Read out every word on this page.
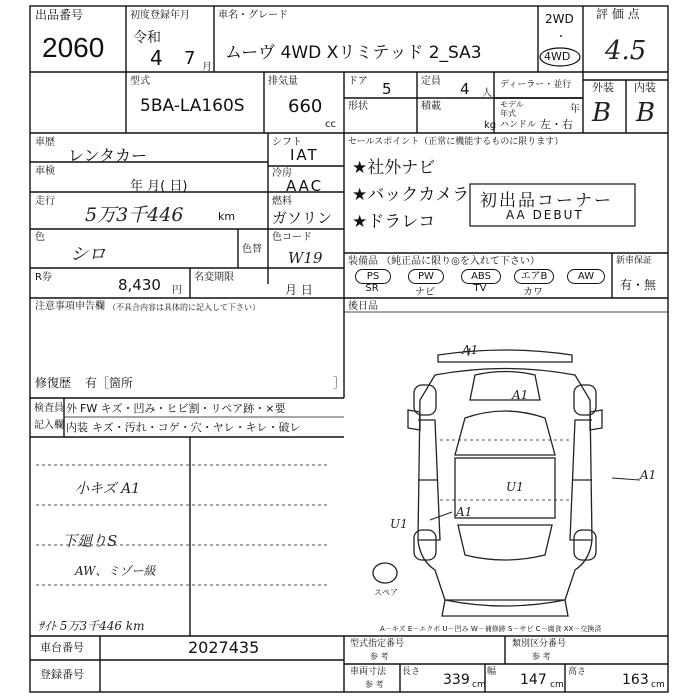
出品番号
2060
初度登録年月
令和
4 7 月
車名・グレード
ムーヴ 4WD Xリミテッド 2_SA3
2WD
・
4WD
評 価 点
4.5
外装 内装
B B
型式
5BA-LA160S
排気量
660
cc
ドア 5	定員 4 人
形状	積載
kg
ディーラー・並行
モデル年式	年
ハンドル 左・右
車歴
レンタカー
車検
年 月( 日)
走行
5万3千446	km
色
シロ	色替
シフト
IAT
冷房
AAC
燃料
ガソリン
色コード
W19
R券	8,430 円
名変期限
月 日
セールスポイント（正常に機能するものに限ります）
★社外ナビ
★バックカメラ
★ドラレコ
初出品コーナー
AA DEBUT
装備品 （純正品に限り◎を入れて下さい）
PS
SR
PW
ナビ
ABS
TV
エアB
カワ
AW
新車保証
有・無
注意事項申告欄 （不具合内容は具体的に記入して下さい）	後日品
修復歴 有［箇所	］
検査員
記入欄
外 FW キズ・凹み・ヒビ割・リペア跡・×要
内装 キズ・汚れ・コゲ・穴・ヤレ・キレ・破レ
小キズ A1
下廻りS
AW、ミゾー級
ｻｲﾄ 5万3千446 km
A1
A1
U1
A1
U1
A1
スペア
A－キズ E－エクボ U－凹み W－補修跡 S－サビ C－腐食 XX－交換済
車台番号	2027435
登録番号
型式指定番号
参 考
類別区分番号
参 考
車両寸法
参 考
長さ 339 cm
幅 147 cm
高さ	163 cm
